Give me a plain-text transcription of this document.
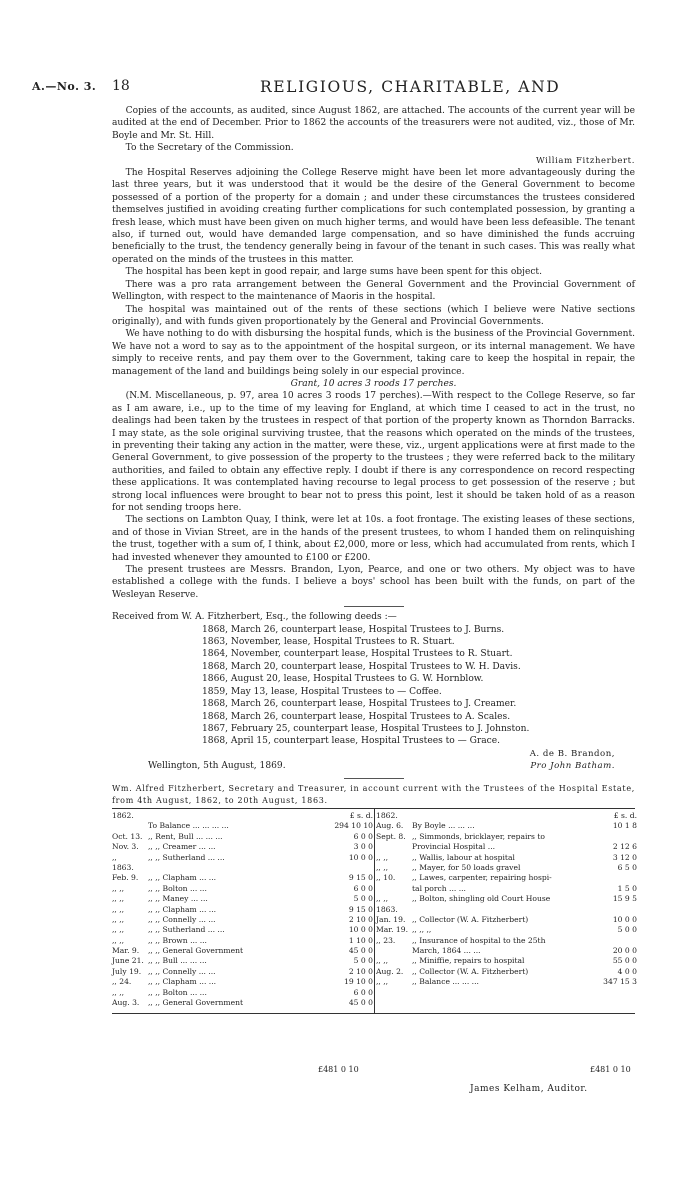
A.—No. 3. 18	RELIGIOUS, CHARITABLE, AND

Copies of the accounts, as audited, since August 1862, are attached. The accounts of the current year will be audited at the end of December. Prior to 1862 the accounts of the treasurers were not audited, viz., those of Mr. Boyle and Mr. St. Hill.

To the Secretary of the Commission.

William Fitzherbert.

The Hospital Reserves adjoining the College Reserve might have been let more advantageously during the last three years, but it was understood that it would be the desire of the General Government to become possessed of a portion of the property for a domain ; and under these circumstances the trustees considered themselves justified in avoiding creating further complications for such contemplated possession, by granting a fresh lease, which must have been given on much higher terms, and would have been less defeasible. The tenant also, if turned out, would have demanded large compensation, and so have diminished the funds accruing beneficially to the trust, the tendency generally being in favour of the tenant in such cases. This was really what operated on the minds of the trustees in this matter.

The hospital has been kept in good repair, and large sums have been spent for this object.

There was a pro rata arrangement between the General Government and the Provincial Government of Wellington, with respect to the maintenance of Maoris in the hospital.

The hospital was maintained out of the rents of these sections (which I believe were Native sections originally), and with funds given proportionately by the General and Provincial Governments.

We have nothing to do with disbursing the hospital funds, which is the business of the Provincial Government. We have not a word to say as to the appointment of the hospital surgeon, or its internal management. We have simply to receive rents, and pay them over to the Government, taking care to keep the hospital in repair, the management of the land and buildings being solely in our especial province.

Grant, 10 acres 3 roods 17 perches.

(N.M. Miscellaneous, p. 97, area 10 acres 3 roods 17 perches).—With respect to the College Reserve, so far as I am aware, i.e., up to the time of my leaving for England, at which time I ceased to act in the trust, no dealings had been taken by the trustees in respect of that portion of the property known as Thorndon Barracks. I may state, as the sole original surviving trustee, that the reasons which operated on the minds of the trustees, in preventing their taking any action in the matter, were these, viz., urgent applications were at first made to the General Government, to give possession of the property to the trustees ; they were referred back to the military authorities, and failed to obtain any effective reply. I doubt if there is any correspondence on record respecting these applications. It was contemplated having recourse to legal process to get possession of the reserve ; but strong local influences were brought to bear not to press this point, lest it should be taken hold of as a reason for not sending troops here.

The sections on Lambton Quay, I think, were let at 10s. a foot frontage. The existing leases of these sections, and of those in Vivian Street, are in the hands of the present trustees, to whom I handed them on relinquishing the trust, together with a sum of, I think, about £2,000, more or less, which had accumulated from rents, which I had invested whenever they amounted to £100 or £200.

The present trustees are Messrs. Brandon, Lyon, Pearce, and one or two others. My object was to have established a college with the funds. I believe a boys' school has been built with the funds, on part of the Wesleyan Reserve.

Received from W. A. Fitzherbert, Esq., the following deeds :—

1868, March 26, counterpart lease, Hospital Trustees to J. Burns.
1863, November, lease, Hospital Trustees to R. Stuart.
1864, November, counterpart lease, Hospital Trustees to R. Stuart.
1868, March 20, counterpart lease, Hospital Trustees to W. H. Davis.
1866, August 20, lease, Hospital Trustees to G. W. Hornblow.
1859, May 13, lease, Hospital Trustees to — Coffee.
1868, March 26, counterpart lease, Hospital Trustees to J. Creamer.
1868, March 26, counterpart lease, Hospital Trustees to A. Scales.
1867, February 25, counterpart lease, Hospital Trustees to J. Johnston.
1868, April 15, counterpart lease, Hospital Trustees to — Grace.

A. de B. Brandon,

Wellington, 5th August, 1869.	Pro John Batham.

Wm. Alfred Fitzherbert, Secretary and Treasurer, in account current with the Trustees of the Hospital Estate, from 4th August, 1862, to 20th August, 1863.

1862.	£ s. d.
To Balance ... ... ... ...	294 10 10
Oct. 13. ,, Rent, Bull ... ... ...	6 0 0
Nov. 3.	,, ,, Creamer ... ...	3 0 0
,,	,, ,, Sutherland ... ...	10 0 0
1863.
Feb. 9.	,, ,, Clapham ... ...	9 15 0
,, ,,	,, ,, Bolton ... ...	6 0 0
,, ,,	,, ,, Maney ... ...	5 0 0
,, ,,	,, ,, Clapham ... ...	9 15 0
,, ,,	,, ,, Connelly ... ...	2 10 0
,, ,,	,, ,, Sutherland ... ...	10 0 0
,, ,,	,, ,, Brown ... ...	1 10 0
Mar. 9.	,, ,, General Government	45 0 0
June 21. ,, ,, Bull ... ... ...	5 0 0
July 19. ,, ,, Connelly ... ...	2 10 0
,, 24.	,, ,, Clapham ... ...	19 10 0
,, ,,	,, ,, Bolton ... ...	6 0 0
Aug. 3.	,, ,, General Government	45 0 0
1862.	£ s. d.
Aug. 6.	By Boyle ... ... ...	10 1 8
Sept. 8. ,, Simmonds, bricklayer, repairs to
Provincial Hospital ...	2 12 6
,, ,,	,, Wallis, labour at hospital	3 12 0
,, ,,	,, Mayer, for 50 loads gravel	6 5 0
,, 10.	,, Lawes, carpenter, repairing hospi-
tal porch ... ...	1 5 0
,, ,,	,, Bolton, shingling old Court House	15 9 5
1863.
Jan. 19. ,, Collector (W. A. Fitzherbert)	10 0 0
Mar. 19. ,, ,, ,,	5 0 0
,, 23.	,, Insurance of hospital to the 25th
March, 1864 ... ...	20 0 0
,, ,,	,, Miniffie, repairs to hospital	55 0 0
Aug. 2.	,, Collector (W. A. Fitzherbert)	4 0 0
,, ,,	,, Balance ... ... ...	347 15 3
£481 0 10	£481 0 10
James Kelham, Auditor.
